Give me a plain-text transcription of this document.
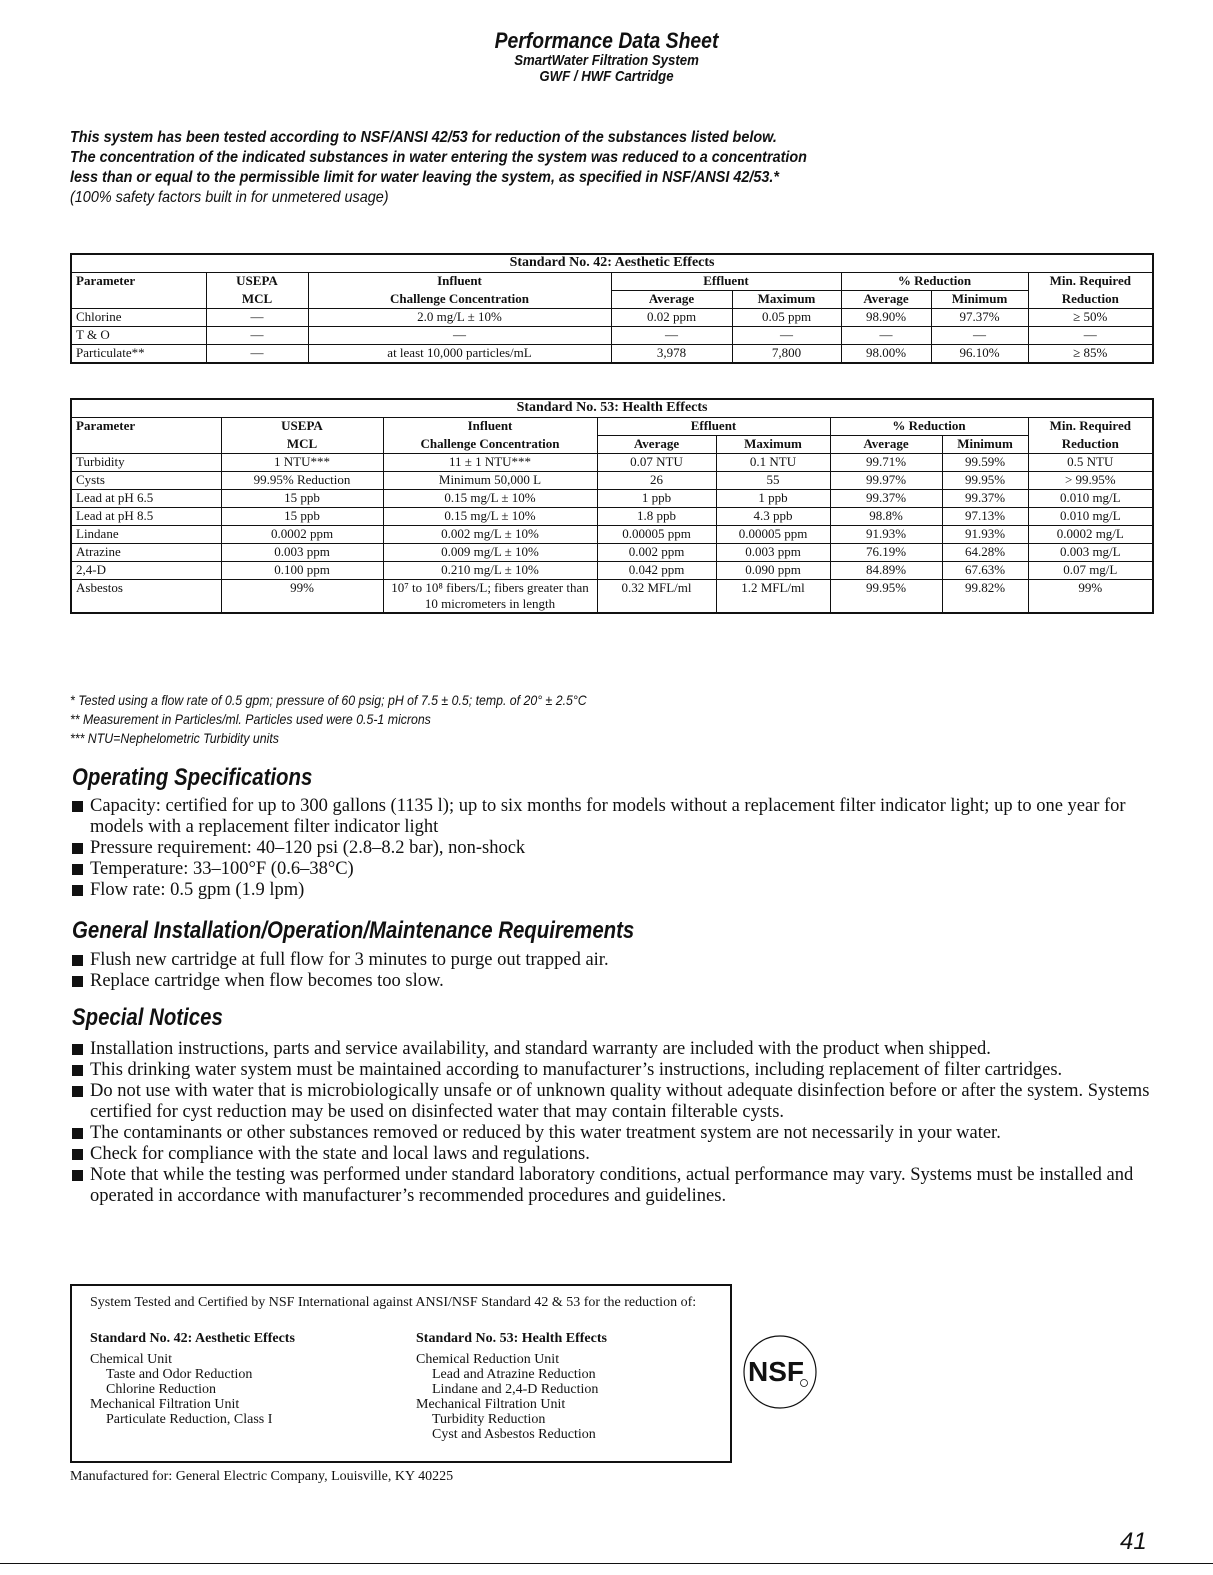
Performance Data Sheet
SmartWater Filtration System
GWF / HWF Cartridge
This system has been tested according to NSF/ANSI 42/53 for reduction of the substances listed below.
The concentration of the indicated substances in water entering the system was reduced to a concentration
less than or equal to the permissible limit for water leaving the system, as specified in NSF/ANSI 42/53.*
(100% safety factors built in for unmetered usage)
Standard No. 42: Aesthetic Effects							
Parameter	USEPA	Influent	Effluent		% Reduction		Min. Required
	MCL	Challenge Concentration	Average	Maximum	Average	Minimum	Reduction
Chlorine	—	2.0 mg/L ± 10%	0.02 ppm	0.05 ppm	98.90%	97.37%	≥ 50%
T & O	—	—	—	—	—	—	—
Particulate**	—	at least 10,000 particles/mL	3,978	7,800	98.00%	96.10%	≥ 85%
Standard No. 53: Health Effects							
Parameter	USEPA	Influent	Effluent		% Reduction		Min. Required
	MCL	Challenge Concentration	Average	Maximum	Average	Minimum	Reduction
Turbidity	1 NTU***	11 ± 1 NTU***	0.07 NTU	0.1 NTU	99.71%	99.59%	0.5 NTU
Cysts	99.95% Reduction	Minimum 50,000 L	26	55	99.97%	99.95%	> 99.95%
Lead at pH 6.5	15 ppb	0.15 mg/L ± 10%	1 ppb	1 ppb	99.37%	99.37%	0.010 mg/L
Lead at pH 8.5	15 ppb	0.15 mg/L ± 10%	1.8 ppb	4.3 ppb	98.8%	97.13%	0.010 mg/L
Lindane	0.0002 ppm	0.002 mg/L ± 10%	0.00005 ppm	0.00005 ppm	91.93%	91.93%	0.0002 mg/L
Atrazine	0.003 ppm	0.009 mg/L ± 10%	0.002 ppm	0.003 ppm	76.19%	64.28%	0.003 mg/L
2,4-D	0.100 ppm	0.210 mg/L ± 10%	0.042 ppm	0.090 ppm	84.89%	67.63%	0.07 mg/L
Asbestos	99%	10⁷ to 10⁸ fibers/L; fibers greater than 10 micrometers in length	0.32 MFL/ml	1.2 MFL/ml	99.95%	99.82%	99%
* Tested using a flow rate of 0.5 gpm; pressure of 60 psig; pH of 7.5 ± 0.5; temp. of 20° ± 2.5°C
** Measurement in Particles/ml. Particles used were 0.5-1 microns
*** NTU=Nephelometric Turbidity units
Operating Specifications
Capacity: certified for up to 300 gallons (1135 l); up to six months for models without a replacement filter indicator light; up to one year for models with a replacement filter indicator light
Pressure requirement: 40–120 psi (2.8–8.2 bar), non-shock
Temperature: 33–100°F (0.6–38°C)
Flow rate: 0.5 gpm (1.9 lpm)
General Installation/Operation/Maintenance Requirements
Flush new cartridge at full flow for 3 minutes to purge out trapped air.
Replace cartridge when flow becomes too slow.
Special Notices
Installation instructions, parts and service availability, and standard warranty are included with the product when shipped.
This drinking water system must be maintained according to manufacturer’s instructions, including replacement of filter cartridges.
Do not use with water that is microbiologically unsafe or of unknown quality without adequate disinfection before or after the system. Systems certified for cyst reduction may be used on disinfected water that may contain filterable cysts.
The contaminants or other substances removed or reduced by this water treatment system are not necessarily in your water.
Check for compliance with the state and local laws and regulations.
Note that while the testing was performed under standard laboratory conditions, actual performance may vary. Systems must be installed and operated in accordance with manufacturer’s recommended procedures and guidelines.
System Tested and Certified by NSF International against ANSI/NSF Standard 42 & 53 for the reduction of:
Standard No. 42: Aesthetic Effects
Chemical Unit
Taste and Odor Reduction
Chlorine Reduction
Mechanical Filtration Unit
Particulate Reduction, Class I
Standard No. 53: Health Effects
Chemical Reduction Unit
Lead and Atrazine Reduction
Lindane and 2,4-D Reduction
Mechanical Filtration Unit
Turbidity Reduction
Cyst and Asbestos Reduction
NSF
Manufactured for: General Electric Company, Louisville, KY 40225
41
